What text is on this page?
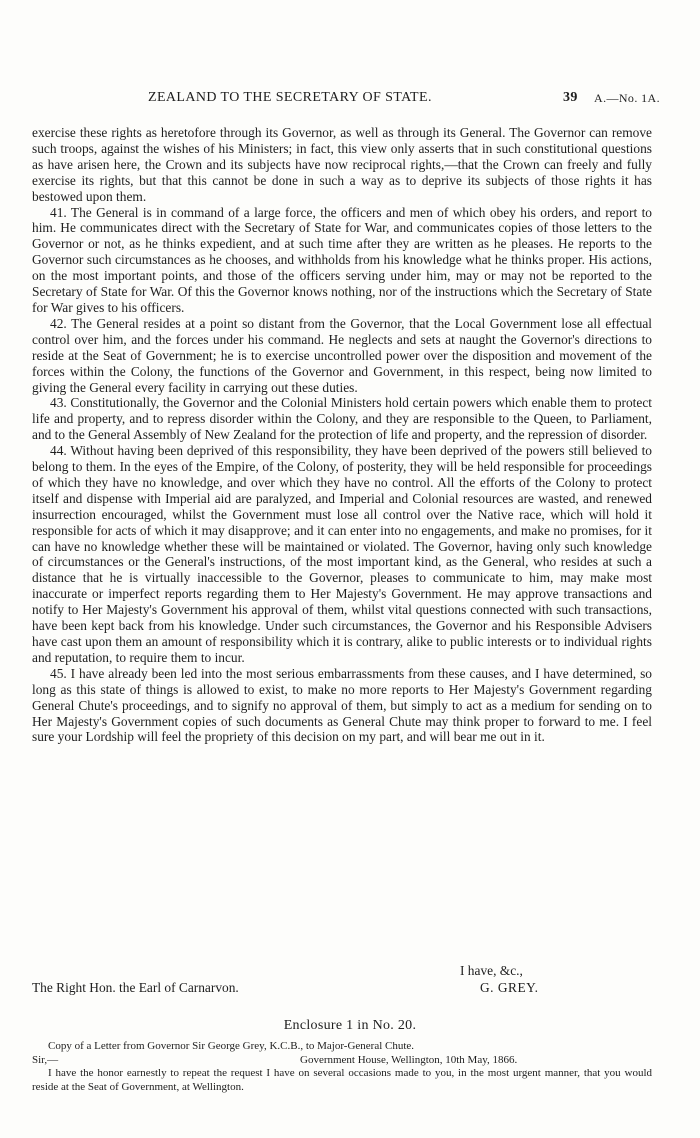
ZEALAND TO THE SECRETARY OF STATE.	39 A.—No. 1A.

exercise these rights as heretofore through its Governor, as well as through its General. The Governor can remove such troops, against the wishes of his Ministers; in fact, this view only asserts that in such constitutional questions as have arisen here, the Crown and its subjects have now reciprocal rights,—that the Crown can freely and fully exercise its rights, but that this cannot be done in such a way as to deprive its subjects of those rights it has bestowed upon them.

41. The General is in command of a large force, the officers and men of which obey his orders, and report to him. He communicates direct with the Secretary of State for War, and communicates copies of those letters to the Governor or not, as he thinks expedient, and at such time after they are written as he pleases. He reports to the Governor such circumstances as he chooses, and withholds from his knowledge what he thinks proper. His actions, on the most important points, and those of the officers serving under him, may or may not be reported to the Secretary of State for War. Of this the Governor knows nothing, nor of the instructions which the Secretary of State for War gives to his officers.

42. The General resides at a point so distant from the Governor, that the Local Government lose all effectual control over him, and the forces under his command. He neglects and sets at naught the Governor's directions to reside at the Seat of Government; he is to exercise uncontrolled power over the disposition and movement of the forces within the Colony, the functions of the Governor and Government, in this respect, being now limited to giving the General every facility in carrying out these duties.

43. Constitutionally, the Governor and the Colonial Ministers hold certain powers which enable them to protect life and property, and to repress disorder within the Colony, and they are responsible to the Queen, to Parliament, and to the General Assembly of New Zealand for the protection of life and property, and the repression of disorder.

44. Without having been deprived of this responsibility, they have been deprived of the powers still believed to belong to them. In the eyes of the Empire, of the Colony, of posterity, they will be held responsible for proceedings of which they have no knowledge, and over which they have no control. All the efforts of the Colony to protect itself and dispense with Imperial aid are paralyzed, and Imperial and Colonial resources are wasted, and renewed insurrection encouraged, whilst the Government must lose all control over the Native race, which will hold it responsible for acts of which it may disapprove; and it can enter into no engagements, and make no promises, for it can have no knowledge whether these will be maintained or violated. The Governor, having only such knowledge of circumstances or the General's instructions, of the most important kind, as the General, who resides at such a distance that he is virtually inaccessible to the Governor, pleases to communicate to him, may make most inaccurate or imperfect reports regarding them to Her Majesty's Government. He may approve transactions and notify to Her Majesty's Government his approval of them, whilst vital questions connected with such transactions, have been kept back from his knowledge. Under such circumstances, the Governor and his Responsible Advisers have cast upon them an amount of responsibility which it is contrary, alike to public interests or to individual rights and reputation, to require them to incur.

45. I have already been led into the most serious embarrassments from these causes, and I have determined, so long as this state of things is allowed to exist, to make no more reports to Her Majesty's Government regarding General Chute's proceedings, and to signify no approval of them, but simply to act as a medium for sending on to Her Majesty's Government copies of such documents as General Chute may think proper to forward to me. I feel sure your Lordship will feel the propriety of this decision on my part, and will bear me out in it.

I have, &c.,
The Right Hon. the Earl of Carnarvon.	G. GREY.
Enclosure 1 in No. 20.
Copy of a Letter from Governor Sir George Grey, K.C.B., to Major-General Chute.
Sir,—	Government House, Wellington, 10th May, 1866.

I have the honor earnestly to repeat the request I have on several occasions made to you, in the most urgent manner, that you would reside at the Seat of Government, at Wellington.
